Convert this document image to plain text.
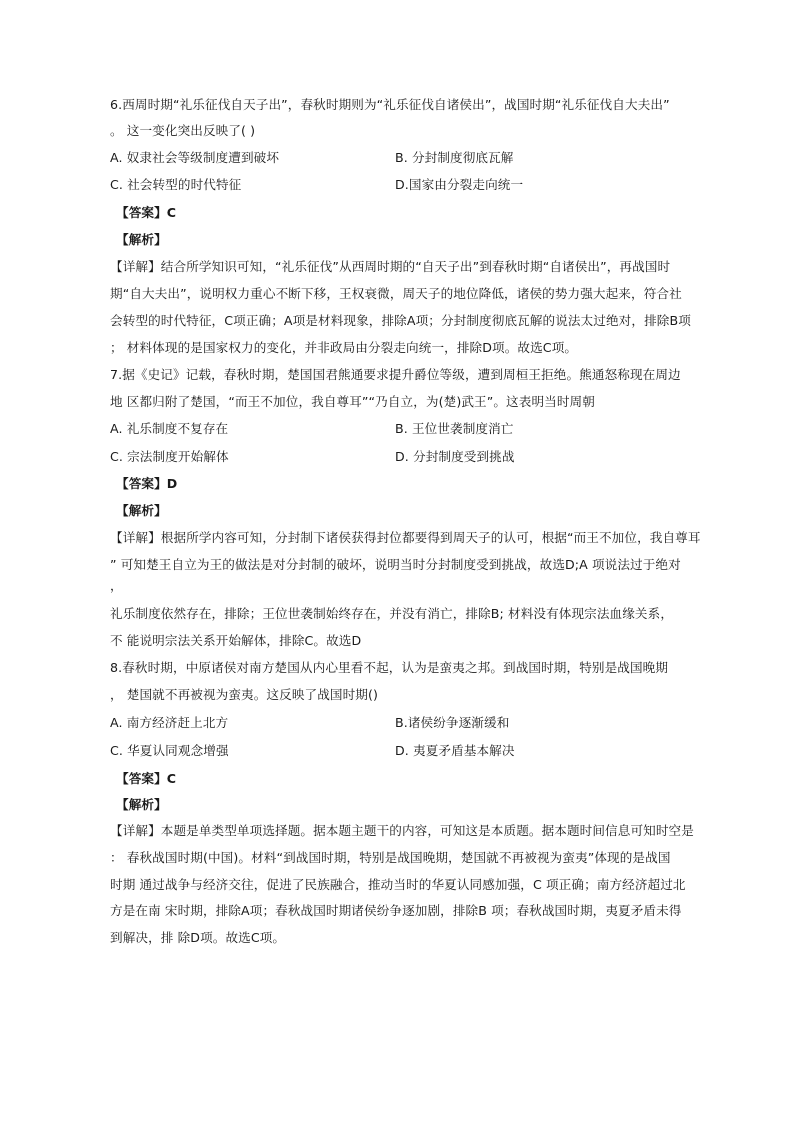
6.西周时期“礼乐征伐自天子出”，春秋时期则为“礼乐征伐自诸侯出”，战国时期“礼乐征伐自大夫出”
。 这一变化突出反映了( )
A. 奴隶社会等级制度遭到破坏	B. 分封制度彻底瓦解
C. 社会转型的时代特征	D.国家由分裂走向统一
【答案】C
【解析】
【详解】结合所学知识可知，“礼乐征伐”从西周时期的“自天子出”到春秋时期“自诸侯出”，再战国时
期“自大夫出”，说明权力重心不断下移，王权衰微，周天子的地位降低，诸侯的势力强大起来，符合社
会转型的时代特征，C项正确；A项是材料现象，排除A项；分封制度彻底瓦解的说法太过绝对，排除B项
； 材料体现的是国家权力的变化，并非政局由分裂走向统一，排除D项。故选C项。
7.据《史记》记载，春秋时期，楚国国君熊通要求提升爵位等级，遭到周桓王拒绝。熊通怒称现在周边
地 区都归附了楚国，“而王不加位，我自尊耳”“乃自立，为(楚)武王”。这表明当时周朝
A. 礼乐制度不复存在	B. 王位世袭制度消亡
C. 宗法制度开始解体	D. 分封制度受到挑战
【答案】D
【解析】
【详解】根据所学内容可知，分封制下诸侯获得封位都要得到周天子的认可，根据“而王不加位，我自尊耳
” 可知楚王自立为王的做法是对分封制的破坏，说明当时分封制度受到挑战，故选D;A 项说法过于绝对
，
礼乐制度依然存在，排除；王位世袭制始终存在，并没有消亡，排除B; 材料没有体现宗法血缘关系，
不 能说明宗法关系开始解体，排除C。故选D
8.春秋时期，中原诸侯对南方楚国从内心里看不起，认为是蛮夷之邦。到战国时期，特别是战国晚期
， 楚国就不再被视为蛮夷。这反映了战国时期()
A. 南方经济赶上北方	B.诸侯纷争逐渐缓和
C. 华夏认同观念增强	D. 夷夏矛盾基本解决
【答案】C
【解析】
【详解】本题是单类型单项选择题。据本题主题干的内容，可知这是本质题。据本题时间信息可知时空是
： 春秋战国时期(中国)。材料“到战国时期，特别是战国晚期，楚国就不再被视为蛮夷”体现的是战国
时期 通过战争与经济交往，促进了民族融合，推动当时的华夏认同感加强，C 项正确；南方经济超过北
方是在南 宋时期，排除A项；春秋战国时期诸侯纷争逐加剧，排除B 项；春秋战国时期，夷夏矛盾未得
到解决，排 除D项。故选C项。
